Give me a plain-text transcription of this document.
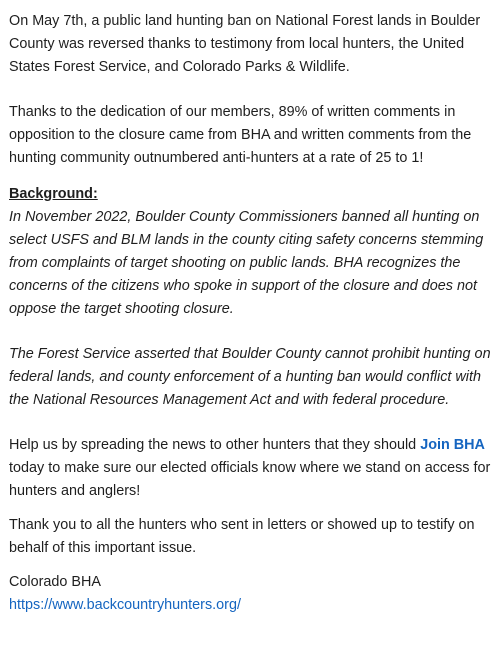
On May 7th, a public land hunting ban on National Forest lands in Boulder County was reversed thanks to testimony from local hunters, the United States Forest Service, and Colorado Parks & Wildlife.

Thanks to the dedication of our members, 89% of written comments in opposition to the closure came from BHA and written comments from the hunting community outnumbered anti-hunters at a rate of 25 to 1!

Background:

In November 2022, Boulder County Commissioners banned all hunting on select USFS and BLM lands in the county citing safety concerns stemming from complaints of target shooting on public lands. BHA recognizes the concerns of the citizens who spoke in support of the closure and does not oppose the target shooting closure.

The Forest Service asserted that Boulder County cannot prohibit hunting on federal lands, and county enforcement of a hunting ban would conflict with the National Resources Management Act and with federal procedure.

Help us by spreading the news to other hunters that they should Join BHA today to make sure our elected officials know where we stand on access for hunters and anglers!

Thank you to all the hunters who sent in letters or showed up to testify on behalf of this important issue.

Colorado BHA
https://www.backcountryhunters.org/
